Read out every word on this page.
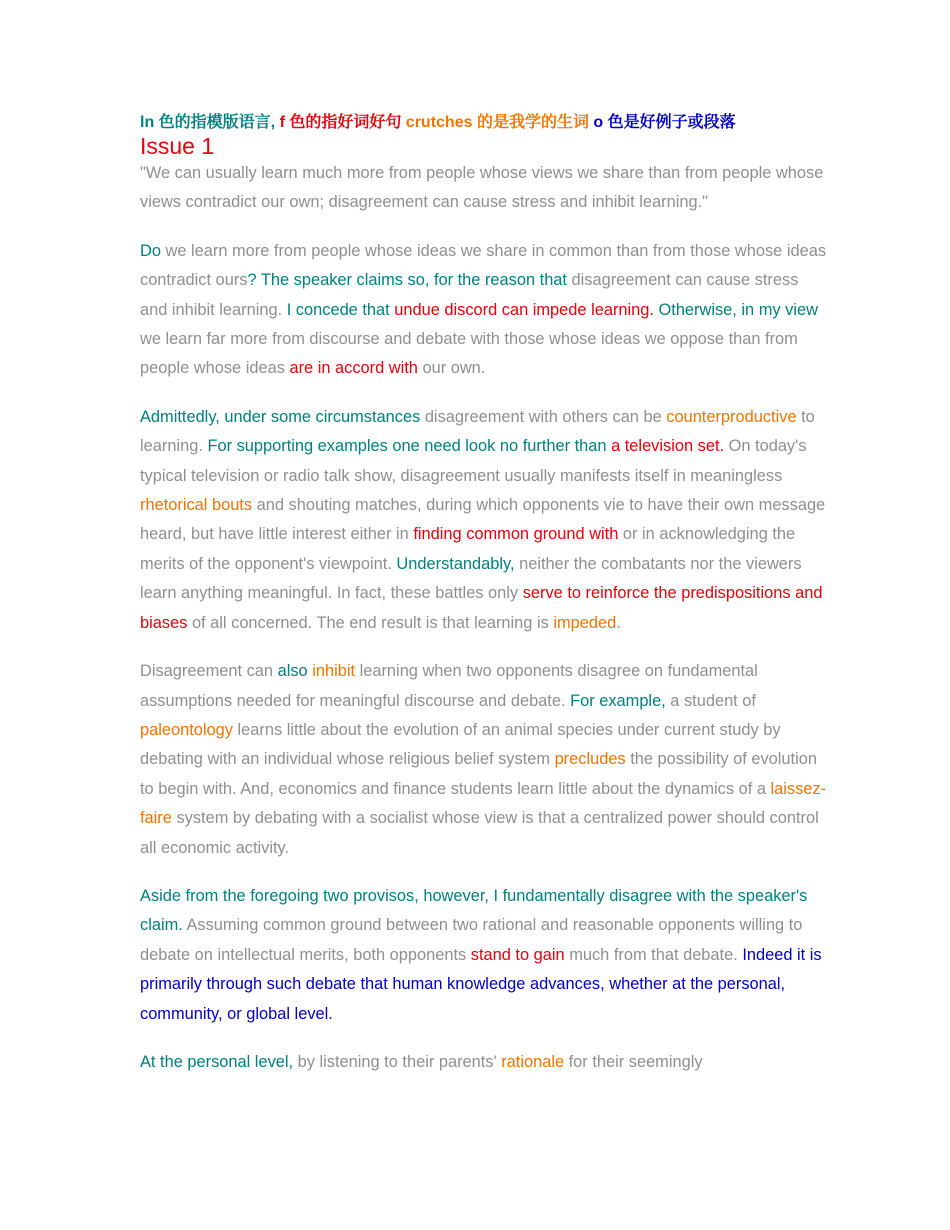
ln 色的指模版语言, f 色的指好词好句 crutches 的是我学的生词 o 色是好例子或段落
Issue 1

"We can usually learn much more from people whose views we share than from people whose views contradict our own; disagreement can cause stress and inhibit learning."

Do we learn more from people whose ideas we share in common than from those whose ideas contradict ours? The speaker claims so, for the reason that disagreement can cause stress and inhibit learning. I concede that undue discord can impede learning. Otherwise, in my view we learn far more from discourse and debate with those whose ideas we oppose than from people whose ideas are in accord with our own.

Admittedly, under some circumstances disagreement with others can be counterproductive to learning. For supporting examples one need look no further than a television set. On today's typical television or radio talk show, disagreement usually manifests itself in meaningless rhetorical bouts and shouting matches, during which opponents vie to have their own message heard, but have little interest either in finding common ground with or in acknowledging the merits of the opponent's viewpoint. Understandably, neither the combatants nor the viewers learn anything meaningful. In fact, these battles only serve to reinforce the predispositions and biases of all concerned. The end result is that learning is impeded.

Disagreement can also inhibit learning when two opponents disagree on fundamental assumptions needed for meaningful discourse and debate. For example, a student of paleontology learns little about the evolution of an animal species under current study by debating with an individual whose religious belief system precludes the possibility of evolution to begin with. And, economics and finance students learn little about the dynamics of a laissez-faire system by debating with a socialist whose view is that a centralized power should control all economic activity.

Aside from the foregoing two provisos, however, I fundamentally disagree with the speaker's claim. Assuming common ground between two rational and reasonable opponents willing to debate on intellectual merits, both opponents stand to gain much from that debate. Indeed it is primarily through such debate that human knowledge advances, whether at the personal, community, or global level.

At the personal level, by listening to their parents' rationale for their seemingly
